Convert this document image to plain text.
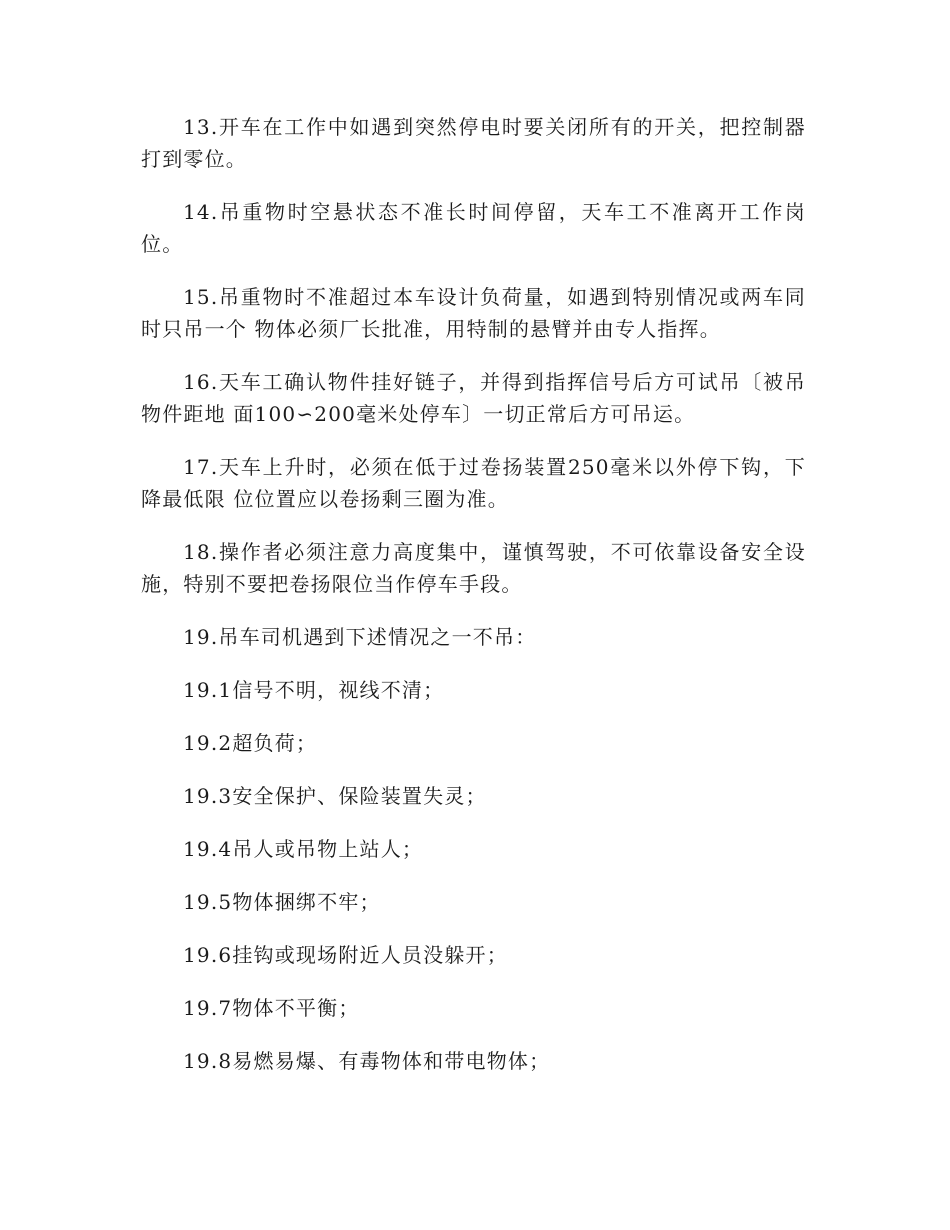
13.开车在工作中如遇到突然停电时要关闭所有的开关，把控制器打到零位。

14.吊重物时空悬状态不准长时间停留，天车工不准离开工作岗位。

15.吊重物时不准超过本车设计负荷量，如遇到特别情况或两车同时只吊一个 物体必须厂长批准，用特制的悬臂并由专人指挥。

16.天车工确认物件挂好链子，并得到指挥信号后方可试吊〔被吊物件距地 面100∽200毫米处停车〕一切正常后方可吊运。

17.天车上升时，必须在低于过卷扬装置250毫米以外停下钩，下降最低限 位位置应以卷扬剩三圈为准。

18.操作者必须注意力高度集中，谨慎驾驶，不可依靠设备安全设施，特别不要把卷扬限位当作停车手段。

19.吊车司机遇到下述情况之一不吊：

19.1信号不明，视线不清；

19.2超负荷；

19.3安全保护、保险装置失灵；

19.4吊人或吊物上站人；

19.5物体捆绑不牢；

19.6挂钩或现场附近人员没躲开；

19.7物体不平衡；

19.8易燃易爆、有毒物体和带电物体；
